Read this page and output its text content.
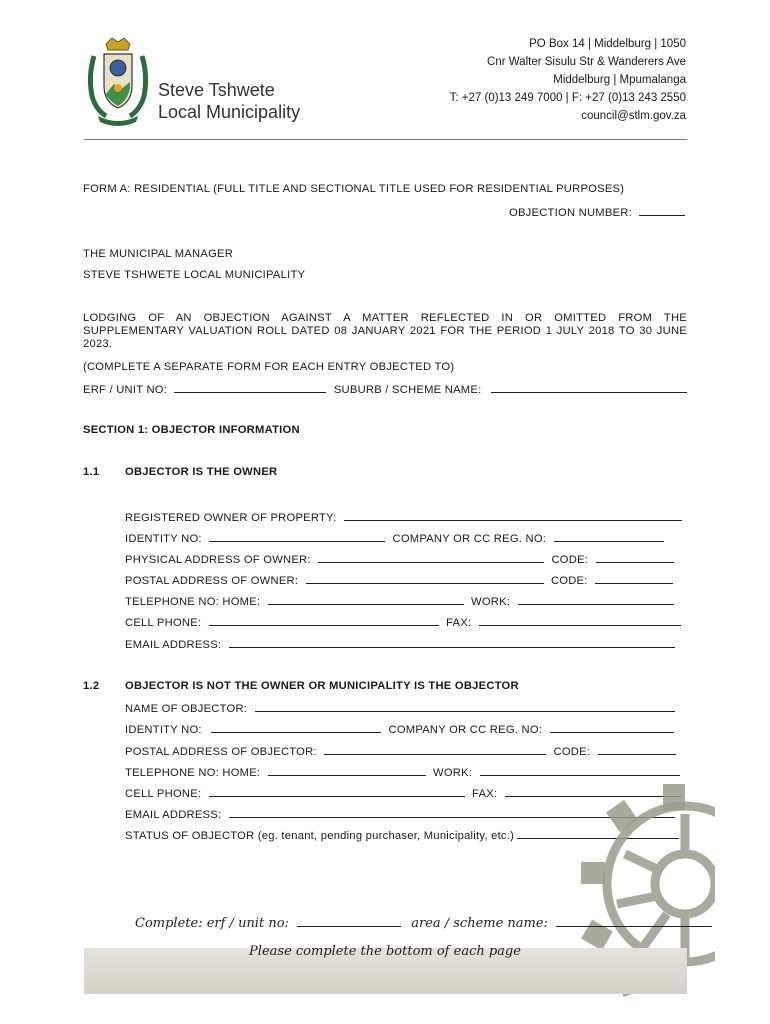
Steve Tshwete
Local Municipality
PO Box 14 | Middelburg | 1050
Cnr Walter Sisulu Str & Wanderers Ave
Middelburg | Mpumalanga
T: +27 (0)13 249 7000 | F: +27 (0)13 243 2550
council@stlm.gov.za
FORM A: RESIDENTIAL (FULL TITLE AND SECTIONAL TITLE USED FOR RESIDENTIAL PURPOSES)
OBJECTION NUMBER:
THE MUNICIPAL MANAGER
STEVE TSHWETE LOCAL MUNICIPALITY
LODGING OF AN OBJECTION AGAINST A MATTER REFLECTED IN OR OMITTED FROM THE SUPPLEMENTARY VALUATION ROLL DATED 08 JANUARY 2021 FOR THE PERIOD 1 JULY 2018 TO 30 JUNE 2023.
(COMPLETE A SEPARATE FORM FOR EACH ENTRY OBJECTED TO)
ERF / UNIT NO:	SUBURB / SCHEME NAME:
SECTION 1: OBJECTOR INFORMATION
1.1 OBJECTOR IS THE OWNER
REGISTERED OWNER OF PROPERTY:
IDENTITY NO:	COMPANY OR CC REG. NO:
PHYSICAL ADDRESS OF OWNER:	CODE:
POSTAL ADDRESS OF OWNER:	CODE:
TELEPHONE NO: HOME:	WORK:
CELL PHONE:	FAX:
EMAIL ADDRESS:
1.2 OBJECTOR IS NOT THE OWNER OR MUNICIPALITY IS THE OBJECTOR
NAME OF OBJECTOR:
IDENTITY NO:	COMPANY OR CC REG. NO:
POSTAL ADDRESS OF OBJECTOR:	CODE:
TELEPHONE NO: HOME:	WORK:
CELL PHONE:	FAX:
EMAIL ADDRESS:
STATUS OF OBJECTOR (eg. tenant, pending purchaser, Municipality, etc.)
Complete: erf / unit no:	area / scheme name:
Please complete the bottom of each page
